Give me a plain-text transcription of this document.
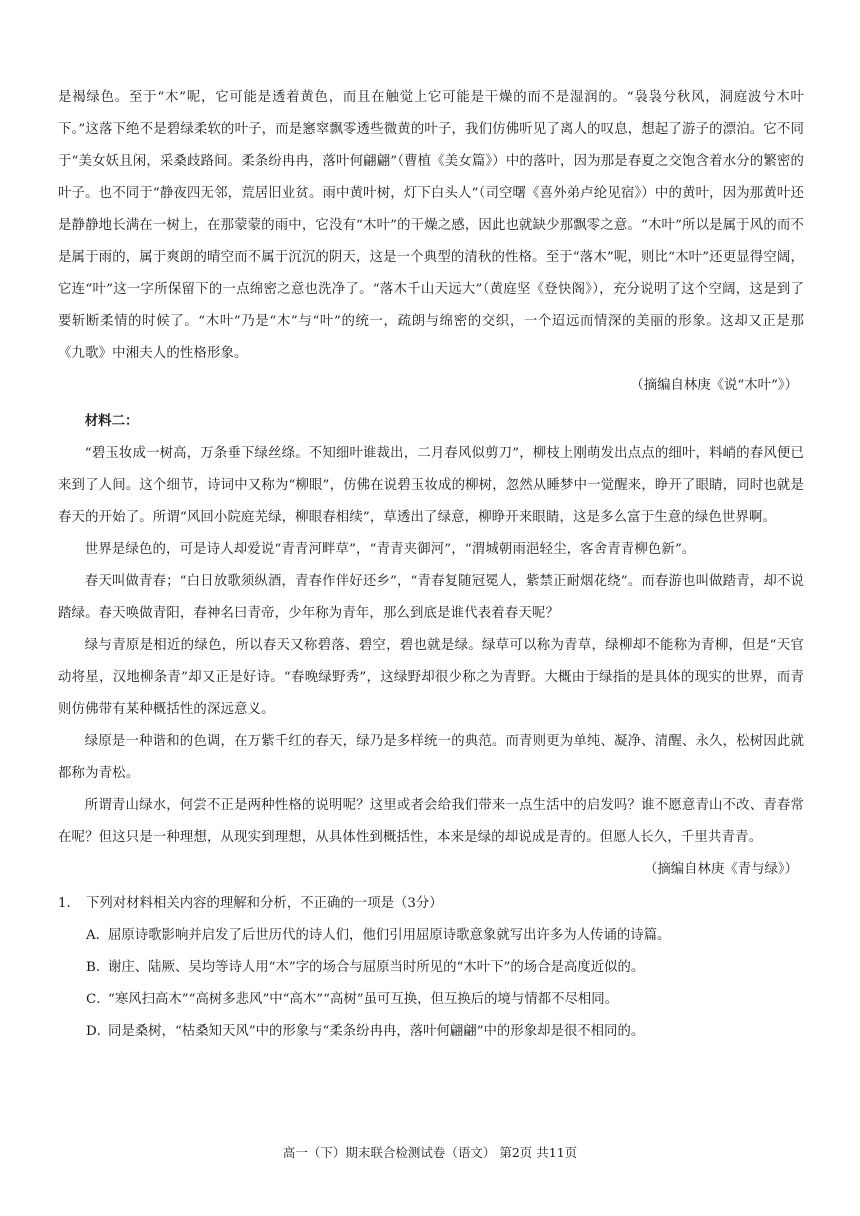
是褐绿色。至于“木”呢，它可能是透着黄色，而且在触觉上它可能是干燥的而不是湿润的。“袅袅兮秋风，洞庭波兮木叶下。”这落下绝不是碧绿柔软的叶子，而是窸窣飘零透些微黄的叶子，我们仿佛听见了离人的叹息，想起了游子的漂泊。它不同于“美女妖且闲，采桑歧路间。柔条纷冉冉，落叶何翩翩”（曹植《美女篇》）中的落叶，因为那是春夏之交饱含着水分的繁密的叶子。也不同于“静夜四无邻，荒居旧业贫。雨中黄叶树，灯下白头人”（司空曙《喜外弟卢纶见宿》）中的黄叶，因为那黄叶还是静静地长满在一树上，在那蒙蒙的雨中，它没有“木叶”的干燥之感，因此也就缺少那飘零之意。“木叶”所以是属于风的而不是属于雨的，属于爽朗的晴空而不属于沉沉的阴天，这是一个典型的清秋的性格。至于“落木”呢，则比“木叶”还更显得空阔，它连“叶”这一字所保留下的一点绵密之意也洗净了。“落木千山天远大”（黄庭坚《登快阁》），充分说明了这个空阔，这是到了要斩断柔情的时候了。“木叶”乃是“木”与“叶”的统一，疏朗与绵密的交织，一个迢远而情深的美丽的形象。这却又正是那《九歌》中湘夫人的性格形象。

（摘编自林庚《说“木叶”》）

材料二：

“碧玉妆成一树高，万条垂下绿丝绦。不知细叶谁裁出，二月春风似剪刀”，柳枝上刚萌发出点点的细叶，料峭的春风便已来到了人间。这个细节，诗词中又称为“柳眼”，仿佛在说碧玉妆成的柳树，忽然从睡梦中一觉醒来，睁开了眼睛，同时也就是春天的开始了。所谓“风回小院庭芜绿，柳眼春相续”，草透出了绿意，柳睁开来眼睛，这是多么富于生意的绿色世界啊。

世界是绿色的，可是诗人却爱说“青青河畔草”，“青青夹御河”，“渭城朝雨浥轻尘，客舍青青柳色新”。

春天叫做青春；“白日放歌须纵酒，青春作伴好还乡”，“青春复随冠冕人，紫禁正耐烟花绕”。而春游也叫做踏青，却不说踏绿。春天唤做青阳，春神名曰青帝，少年称为青年，那么到底是谁代表着春天呢？

绿与青原是相近的绿色，所以春天又称碧落、碧空，碧也就是绿。绿草可以称为青草，绿柳却不能称为青柳，但是“天官动将星，汉地柳条青”却又正是好诗。“春晚绿野秀”，这绿野却很少称之为青野。大概由于绿指的是具体的现实的世界，而青则仿佛带有某种概括性的深远意义。

绿原是一种谐和的色调，在万紫千红的春天，绿乃是多样统一的典范。而青则更为单纯、凝净、清醒、永久，松树因此就都称为青松。

所谓青山绿水，何尝不正是两种性格的说明呢？这里或者会给我们带来一点生活中的启发吗？谁不愿意青山不改、青春常在呢？但这只是一种理想，从现实到理想，从具体性到概括性，本来是绿的却说成是青的。但愿人长久，千里共青青。

（摘编自林庚《青与绿》）

1. 下列对材料相关内容的理解和分析，不正确的一项是（3分）
A．屈原诗歌影响并启发了后世历代的诗人们，他们引用屈原诗歌意象就写出许多为人传诵的诗篇。
B．谢庄、陆厥、吴均等诗人用“木”字的场合与屈原当时所见的“木叶下”的场合是高度近似的。
C．“寒风扫高木”“高树多悲风”中“高木”“高树”虽可互换，但互换后的境与情都不尽相同。
D．同是桑树，“枯桑知天风”中的形象与“柔条纷冉冉，落叶何翩翩”中的形象却是很不相同的。
高一（下）期末联合检测试卷（语文） 第2页 共11页
